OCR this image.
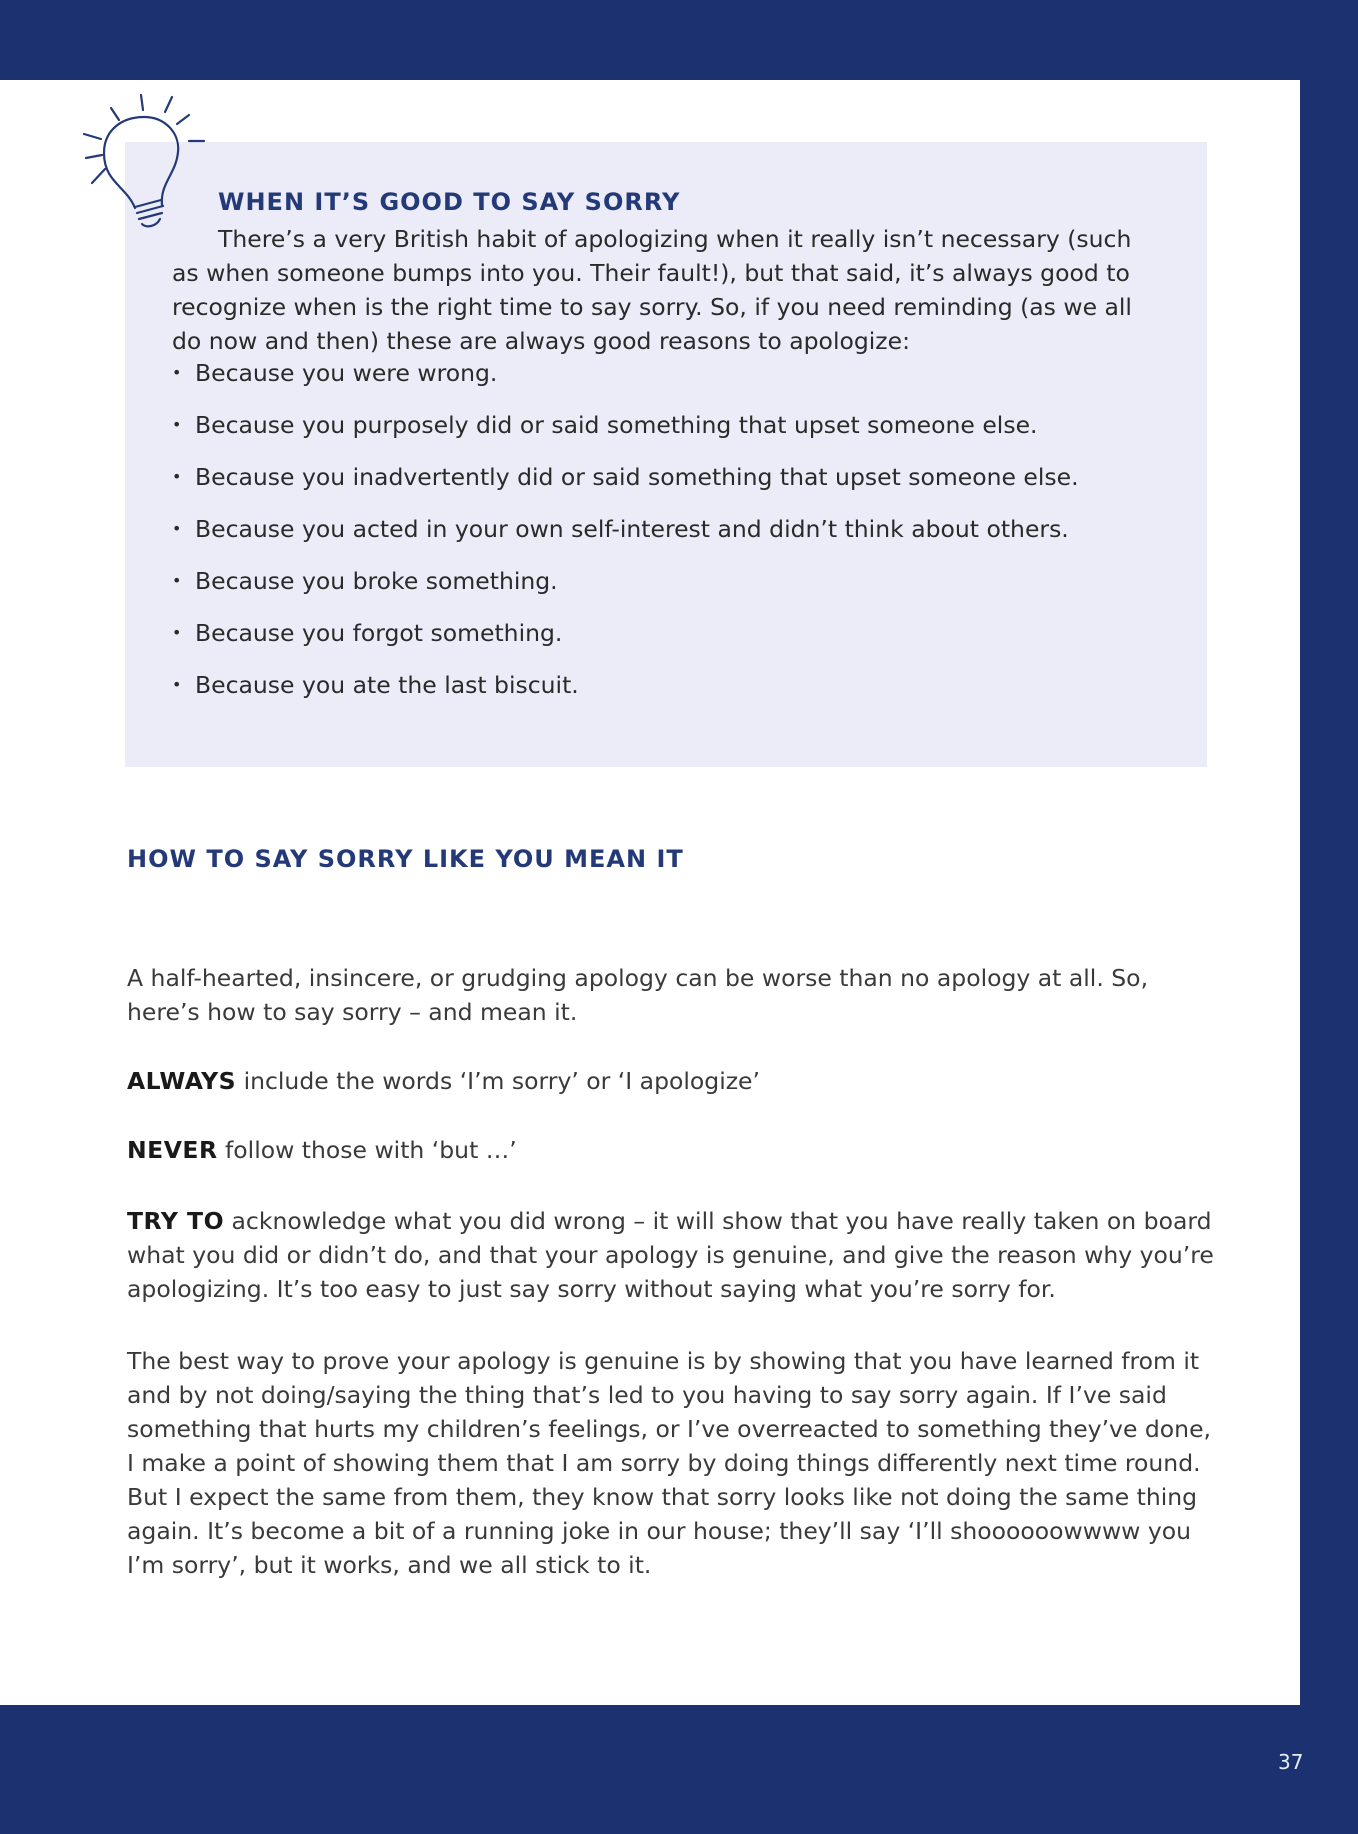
WHEN IT’S GOOD TO SAY SORRY

There’s a very British habit of apologizing when it really isn’t necessary (such as when someone bumps into you. Their fault!), but that said, it’s always good to recognize when is the right time to say sorry. So, if you need reminding (as we all do now and then) these are always good reasons to apologize:

• Because you were wrong.
• Because you purposely did or said something that upset someone else.
• Because you inadvertently did or said something that upset someone else.
• Because you acted in your own self-interest and didn’t think about others.
• Because you broke something.
• Because you forgot something.
• Because you ate the last biscuit.
HOW TO SAY SORRY LIKE YOU MEAN IT

A half-hearted, insincere, or grudging apology can be worse than no apology at all. So, here’s how to say sorry – and mean it.

ALWAYS include the words ‘I’m sorry’ or ‘I apologize’

NEVER follow those with ‘but …’

TRY TO acknowledge what you did wrong – it will show that you have really taken on board what you did or didn’t do, and that your apology is genuine, and give the reason why you’re apologizing. It’s too easy to just say sorry without saying what you’re sorry for.

The best way to prove your apology is genuine is by showing that you have learned from it and by not doing/saying the thing that’s led to you having to say sorry again. If I’ve said something that hurts my children’s feelings, or I’ve overreacted to something they’ve done, I make a point of showing them that I am sorry by doing things differently next time round. But I expect the same from them, they know that sorry looks like not doing the same thing again. It’s become a bit of a running joke in our house; they’ll say ‘I’ll shoooooowwww you I’m sorry’, but it works, and we all stick to it.

37
